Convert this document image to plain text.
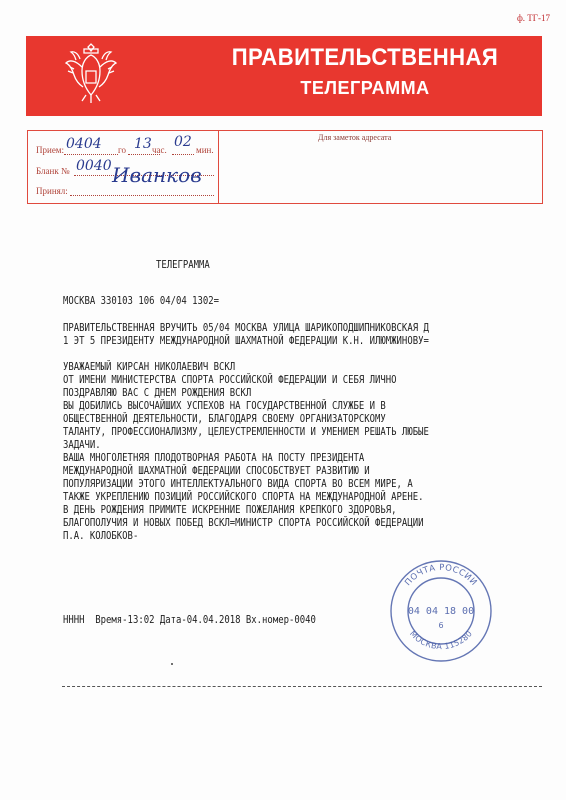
ф. ТГ-17
ПРАВИТЕЛЬСТВЕННАЯ
ТЕЛЕГРАММА
Прием: 0404 го 13 час. 02 мин.
Бланк № 0040
Принял:
Иванков
Для заметок адресата
ТЕЛЕГРАММА
МОСКВА 330103 106 04/04 1302=
ПРАВИТЕЛЬСТВЕННАЯ ВРУЧИТЬ 05/04 МОСКВА УЛИЦА ШАРИКОПОДШИПНИКОВСКАЯ Д
1 ЭТ 5 ПРЕЗИДЕНТУ МЕЖДУНАРОДНОЙ ШАХМАТНОЙ ФЕДЕРАЦИИ К.Н. ИЛЮМЖИНОВУ=
УВАЖАЕМЫЙ КИРСАН НИКОЛАЕВИЧ ВСКЛ
ОТ ИМЕНИ МИНИСТЕРСТВА СПОРТА РОССИЙСКОЙ ФЕДЕРАЦИИ И СЕБЯ ЛИЧНО
ПОЗДРАВЛЯЮ ВАС С ДНЕМ РОЖДЕНИЯ ВСКЛ
ВЫ ДОБИЛИСЬ ВЫСОЧАЙШИХ УСПЕХОВ НА ГОСУДАРСТВЕННОЙ СЛУЖБЕ И В
ОБЩЕСТВЕННОЙ ДЕЯТЕЛЬНОСТИ, БЛАГОДАРЯ СВОЕМУ ОРГАНИЗАТОРСКОМУ
ТАЛАНТУ, ПРОФЕССИОНАЛИЗМУ, ЦЕЛЕУСТРЕМЛЕННОСТИ И УМЕНИЕМ РЕШАТЬ ЛЮБЫЕ
ЗАДАЧИ.
ВАША МНОГОЛЕТНЯЯ ПЛОДОТВОРНАЯ РАБОТА НА ПОСТУ ПРЕЗИДЕНТА
МЕЖДУНАРОДНОЙ ШАХМАТНОЙ ФЕДЕРАЦИИ СПОСОБСТВУЕТ РАЗВИТИЮ И
ПОПУЛЯРИЗАЦИИ ЭТОГО ИНТЕЛЛЕКТУАЛЬНОГО ВИДА СПОРТА ВО ВСЕМ МИРЕ, А
ТАКЖЕ УКРЕПЛЕНИЮ ПОЗИЦИЙ РОССИЙСКОГО СПОРТА НА МЕЖДУНАРОДНОЙ АРЕНЕ.
В ДЕНЬ РОЖДЕНИЯ ПРИМИТЕ ИСКРЕННИЕ ПОЖЕЛАНИЯ КРЕПКОГО ЗДОРОВЬЯ,
БЛАГОПОЛУЧИЯ И НОВЫХ ПОБЕД ВСКЛ=МИНИСТР СПОРТА РОССИЙСКОЙ ФЕДЕРАЦИИ
П.А. КОЛОБКОВ-
ПОЧТА РОССИИ
МОСКВА 115280
04 04 18 00
6
НННН  Время-13:02 Дата-04.04.2018 Вх.номер-0040
